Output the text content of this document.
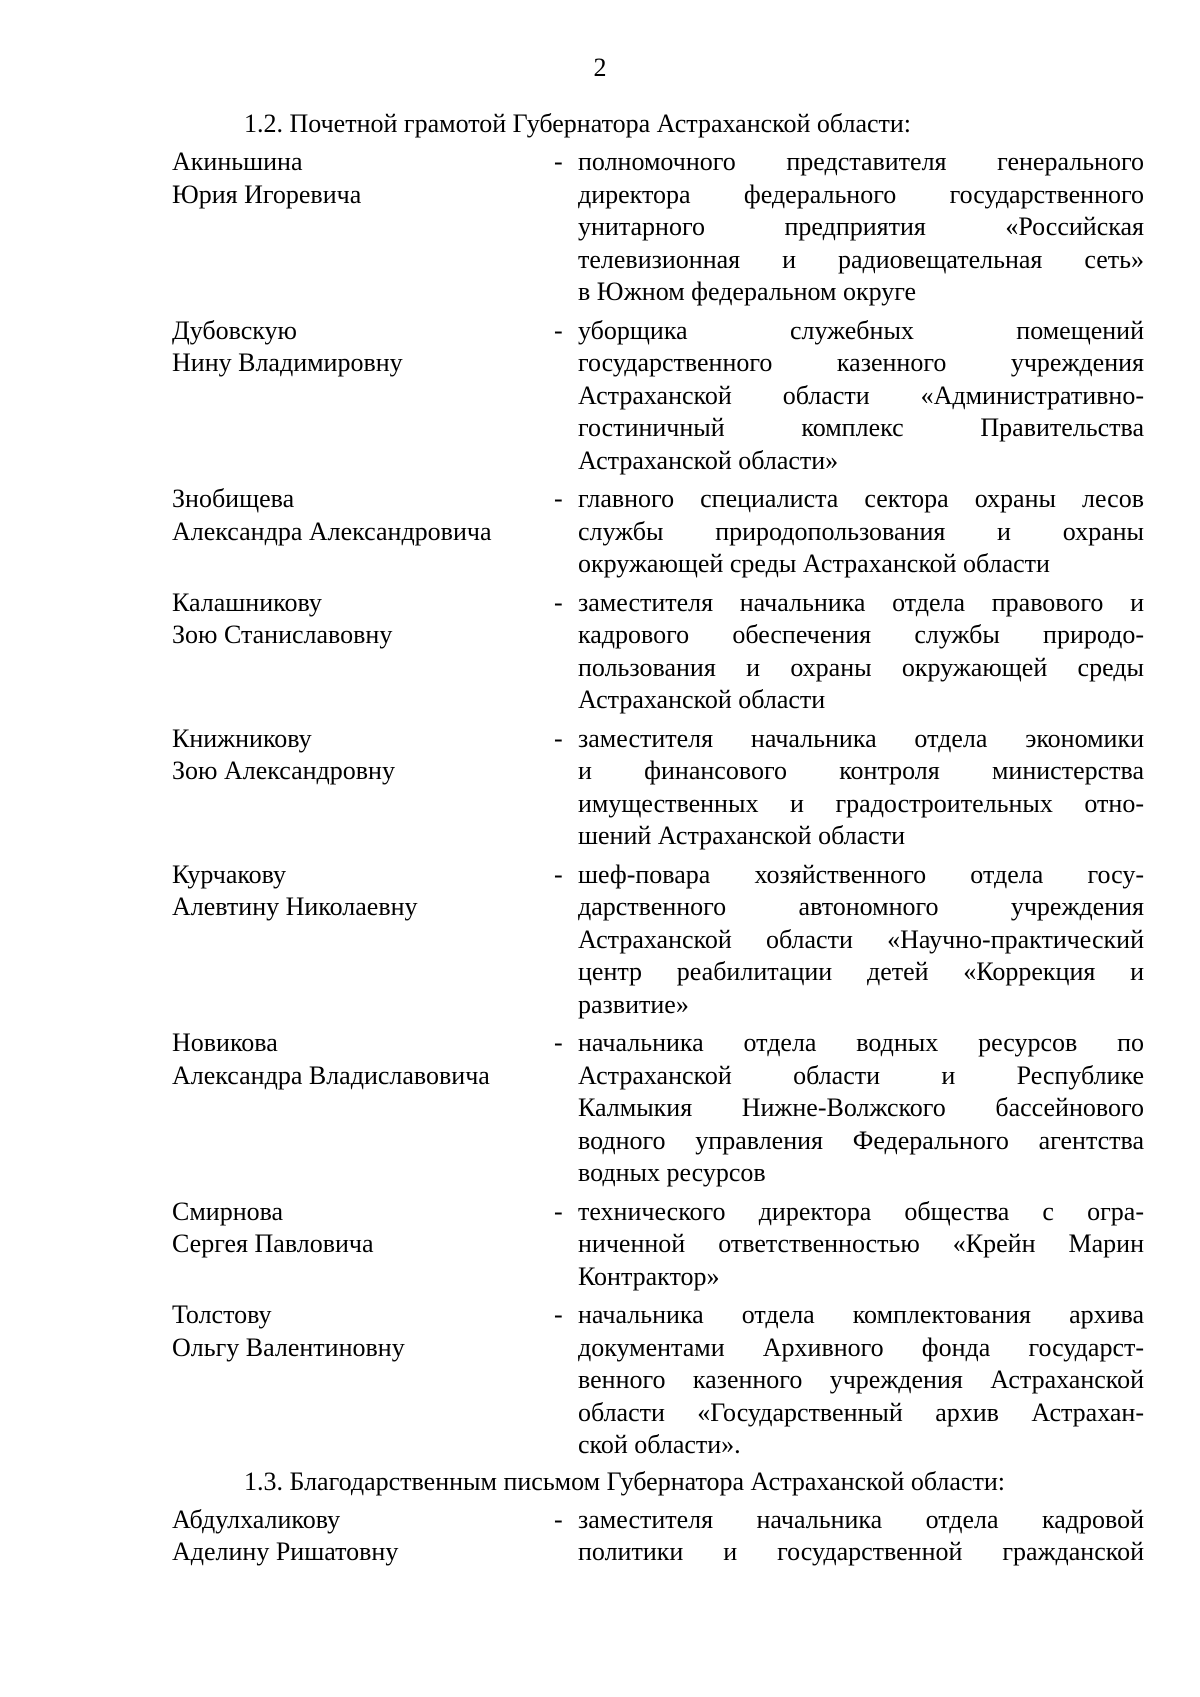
2
1.2. Почетной грамотой Губернатора Астраханской области:
Акиньшина
Юрия Игоревича
- полномочного представителя генерального
директора федерального государственного
унитарного предприятия «Российская
телевизионная и радиовещательная сеть»
в Южном федеральном округе
Дубовскую
Нину Владимировну
- уборщика служебных помещений
государственного казенного учреждения
Астраханской области «Административно-
гостиничный комплекс Правительства
Астраханской области»
Знобищева
Александра Александровича
- главного специалиста сектора охраны лесов
службы природопользования и охраны
окружающей среды Астраханской области
Калашникову
Зою Станиславовну
- заместителя начальника отдела правового и
кадрового обеспечения службы природо-
пользования и охраны окружающей среды
Астраханской области
Книжникову
Зою Александровну
- заместителя начальника отдела экономики
и финансового контроля министерства
имущественных и градостроительных отно-
шений Астраханской области
Курчакову
Алевтину Николаевну
- шеф-повара хозяйственного отдела госу-
дарственного автономного учреждения
Астраханской области «Научно-практический
центр реабилитации детей «Коррекция и
развитие»
Новикова
Александра Владиславовича
- начальника отдела водных ресурсов по
Астраханской области и Республике
Калмыкия Нижне-Волжского бассейнового
водного управления Федерального агентства
водных ресурсов
Смирнова
Сергея Павловича
- технического директора общества с огра-
ниченной ответственностью «Крейн Марин
Контрактор»
Толстову
Ольгу Валентиновну
- начальника отдела комплектования архива
документами Архивного фонда государст-
венного казенного учреждения Астраханской
области «Государственный архив Астрахан-
ской области».
1.3. Благодарственным письмом Губернатора Астраханской области:
Абдулхаликову
Аделину Ришатовну
- заместителя начальника отдела кадровой
политики и государственной гражданской
